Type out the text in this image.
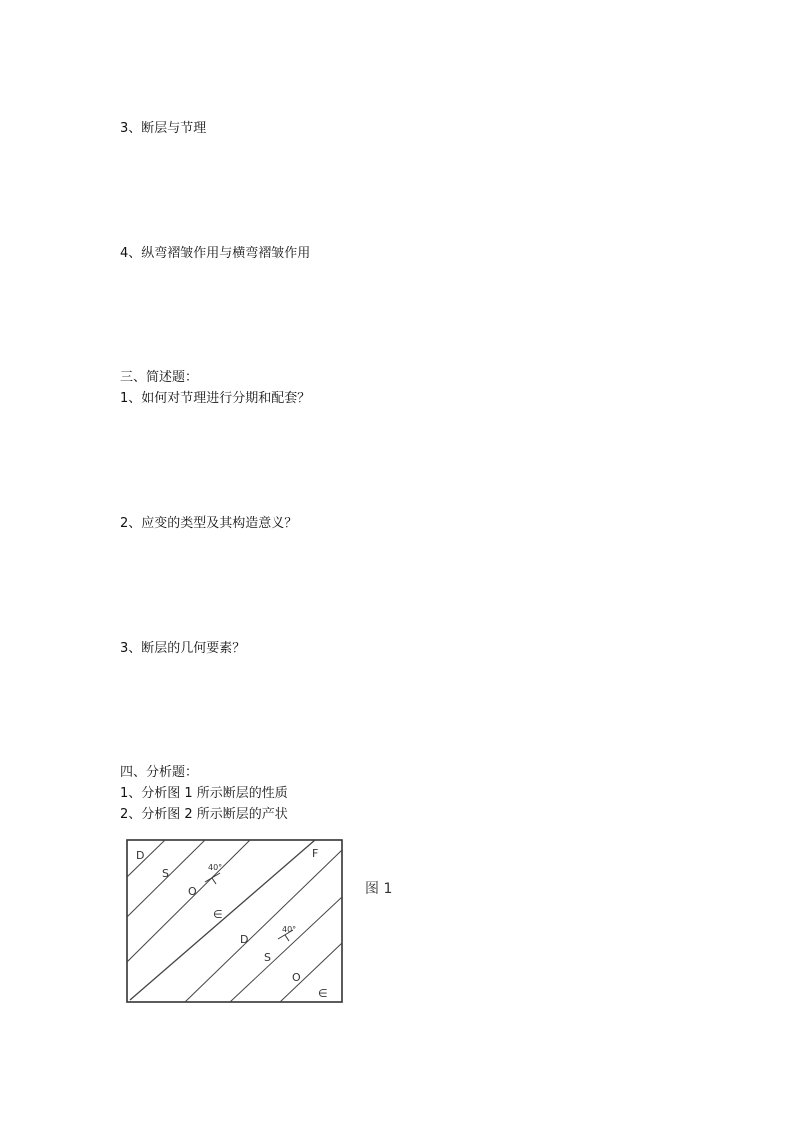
3、断层与节理
4、纵弯褶皱作用与横弯褶皱作用
三、简述题：
1、如何对节理进行分期和配套？
2、应变的类型及其构造意义？
3、断层的几何要素？
四、分析题：
1、分析图 1 所示断层的性质
2、分析图 2 所示断层的产状
D
S
O
∈
D
S
O
∈
F
40°
40°
图 1
